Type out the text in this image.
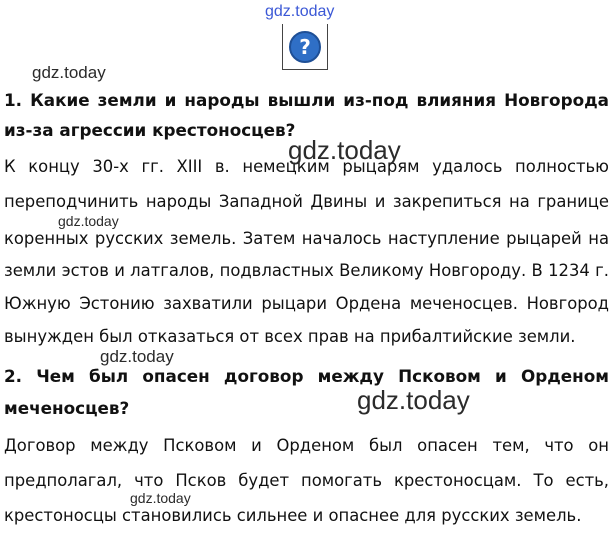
gdz.today
?
gdz.today
1. Какие земли и народы вышли из-под влияния Новгорода
из-за агрессии крестоносцев?
К концу 30-х гг. XIII в. немецким рыцарям удалось полностью
переподчинить народы Западной Двины и закрепиться на границе
коренных русских земель. Затем началось наступление рыцарей на
земли эстов и латгалов, подвластных Великому Новгороду. В 1234 г.
Южную Эстонию захватили рыцари Ордена меченосцев. Новгород
вынужден был отказаться от всех прав на прибалтийские земли.
gdz.today
gdz.today
gdz.today
2. Чем был опасен договор между Псковом и Орденом
меченосцев?	gdz.today
Договор между Псковом и Орденом был опасен тем, что он
предполагал, что Псков будет помогать крестоносцам. То есть,
крестоносцы становились сильнее и опаснее для русских земель.
gdz.today
